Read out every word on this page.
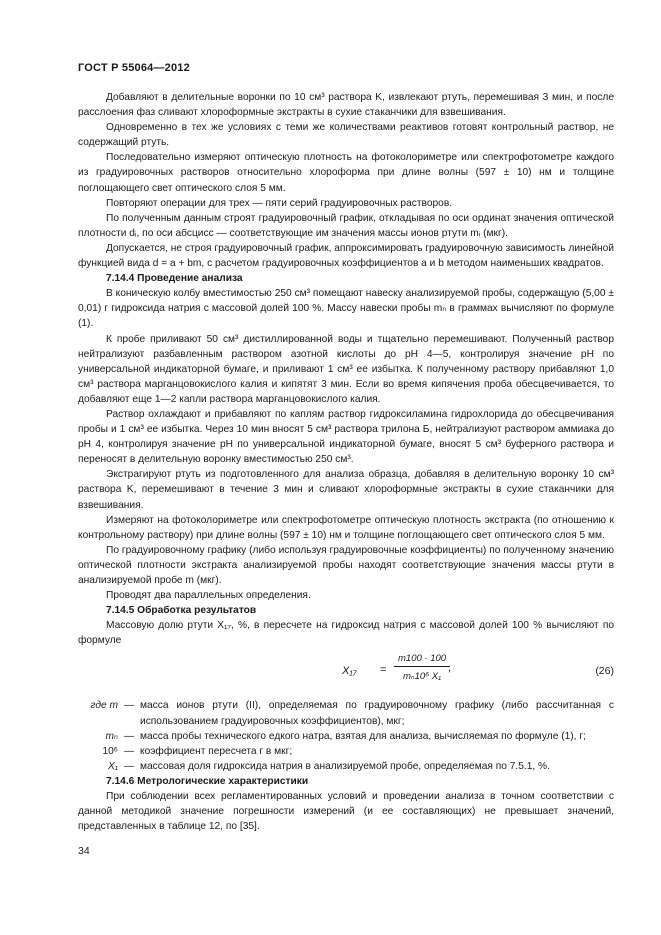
ГОСТ Р 55064—2012

Добавляют в делительные воронки по 10 см³ раствора K, извлекают ртуть, перемешивая 3 мин, и после расслоения фаз сливают хлороформные экстракты в сухие стаканчики для взвешивания.

Одновременно в тех же условиях с теми же количествами реактивов готовят контрольный раствор, не содержащий ртуть.

Последовательно измеряют оптическую плотность на фотоколориметре или спектрофотометре каждого из градуировочных растворов относительно хлороформа при длине волны (597 ± 10) нм и толщине поглощающего свет оптического слоя 5 мм.

Повторяют операции для трех — пяти серий градуировочных растворов.

По полученным данным строят градуировочный график, откладывая по оси ординат значения оптической плотности dᵢ, по оси абсцисс — соответствующие им значения массы ионов ртути mᵢ (мкг).

Допускается, не строя градуировочный график, аппроксимировать градуировочную зависимость линейной функцией вида d = a + bm, с расчетом градуировочных коэффициентов a и b методом наименьших квадратов.

7.14.4 Проведение анализа

В коническую колбу вместимостью 250 см³ помещают навеску анализируемой пробы, содержащую (5,00 ± 0,01) г гидроксида натрия с массовой долей 100 %. Массу навески пробы mₙ в граммах вычисляют по формуле (1).

К пробе приливают 50 см³ дистиллированной воды и тщательно перемешивают. Полученный раствор нейтрализуют разбавленным раствором азотной кислоты до pH 4—5, контролируя значение pH по универсальной индикаторной бумаге, и приливают 1 см³ ее избытка. К полученному раствору прибавляют 1,0 см³ раствора марганцовокислого калия и кипятят 3 мин. Если во время кипячения проба обесцвечивается, то добавляют еще 1—2 капли раствора марганцовокислого калия.

Раствор охлаждают и прибавляют по каплям раствор гидроксиламина гидрохлорида до обесцвечивания пробы и 1 см³ ее избытка. Через 10 мин вносят 5 см³ раствора трилона Б, нейтрализуют раствором аммиака до pH 4, контролируя значение pH по универсальной индикаторной бумаге, вносят 5 см³ буферного раствора и переносят в делительную воронку вместимостью 250 см³.

Экстрагируют ртуть из подготовленного для анализа образца, добавляя в делительную воронку 10 см³ раствора K, перемешивают в течение 3 мин и сливают хлороформные экстракты в сухие стаканчики для взвешивания.

Измеряют на фотоколориметре или спектрофотометре оптическую плотность экстракта (по отношению к контрольному раствору) при длине волны (597 ± 10) нм и толщине поглощающего свет оптического слоя 5 мм.

По градуировочному графику (либо используя градуировочные коэффициенты) по полученному значению оптической плотности экстракта анализируемой пробы находят соответствующие значения массы ртути в анализируемой пробе m (мкг).

Проводят два параллельных определения.

7.14.5 Обработка результатов

Массовую долю ртути X₁₇, %, в пересчете на гидроксид натрия с массовой долей 100 % вычисляют по формуле

$X_{17} = \frac{m100 \cdot 100}{\text{mₙ10⁶ X₁}}$
,	(26)
где m — масса ионов ртути (II), определяемая по градуировочному графику (либо рассчитанная с использованием градуировочных коэффициентов), мкг;
mₙ — масса пробы технического едкого натра, взятая для анализа, вычисляемая по формуле (1), г;
10⁶ — коэффициент пересчета г в мкг;
X₁ — массовая доля гидроксида натрия в анализируемой пробе, определяемая по 7.5.1, %.

7.14.6 Метрологические характеристики

При соблюдении всех регламентированных условий и проведении анализа в точном соответствии с данной методикой значение погрешности измерений (и ее составляющих) не превышает значений, представленных в таблице 12, по [35].

34
